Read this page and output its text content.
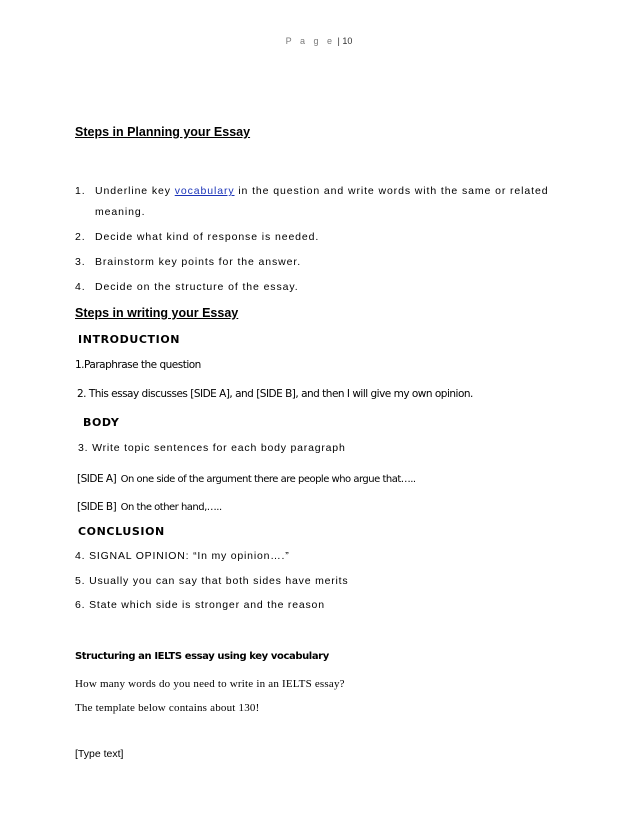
P a g e | 10
Steps in Planning your Essay
1. Underline key vocabulary in the question and write words with the same or related
meaning.
2. Decide what kind of response is needed.
3. Brainstorm key points for the answer.
4. Decide on the structure of the essay.
Steps in writing your Essay
INTRODUCTION
1.Paraphrase the question
2. This essay discusses [SIDE A], and [SIDE B], and then I will give my own opinion.
BODY
3. Write topic sentences for each body paragraph
[SIDE A] On one side of the argument there are people who argue that…..
[SIDE B] On the other hand,…..
CONCLUSION
4. SIGNAL OPINION: “In my opinion….”
5. Usually you can say that both sides have merits
6. State which side is stronger and the reason
Structuring an IELTS essay using key vocabulary
How many words do you need to write in an IELTS essay?
The template below contains about 130!
[Type text]
